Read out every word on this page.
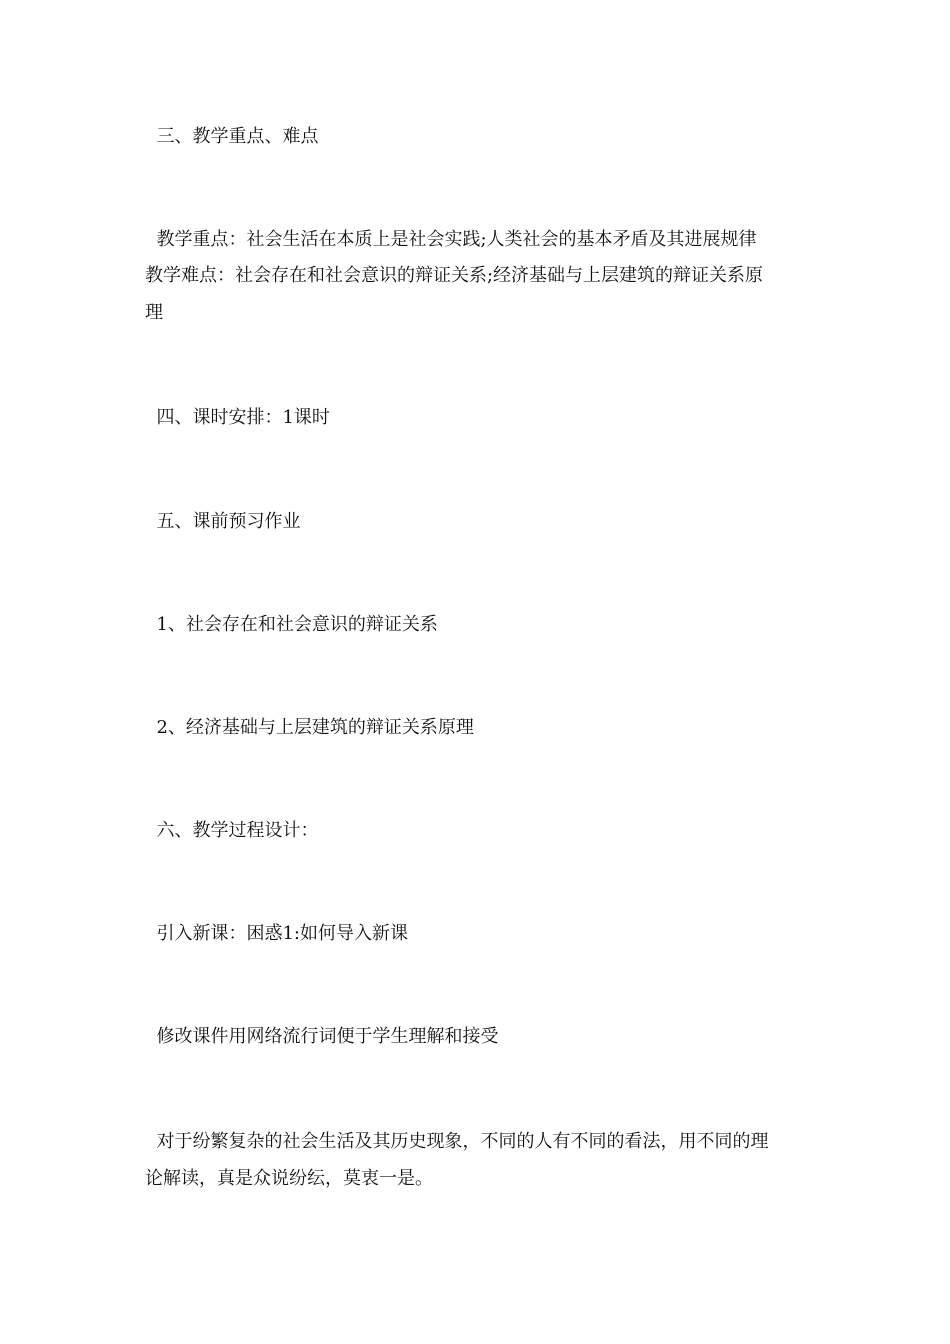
三、教学重点、难点

教学重点：社会生活在本质上是社会实践;人类社会的基本矛盾及其进展规律

教学难点：社会存在和社会意识的辩证关系;经济基础与上层建筑的辩证关系原

理

四、课时安排：1课时

五、课前预习作业

1、社会存在和社会意识的辩证关系

2、经济基础与上层建筑的辩证关系原理

六、教学过程设计：

引入新课：困惑1:如何导入新课

修改课件用网络流行词便于学生理解和接受

对于纷繁复杂的社会生活及其历史现象，不同的人有不同的看法，用不同的理

论解读，真是众说纷纭，莫衷一是。
